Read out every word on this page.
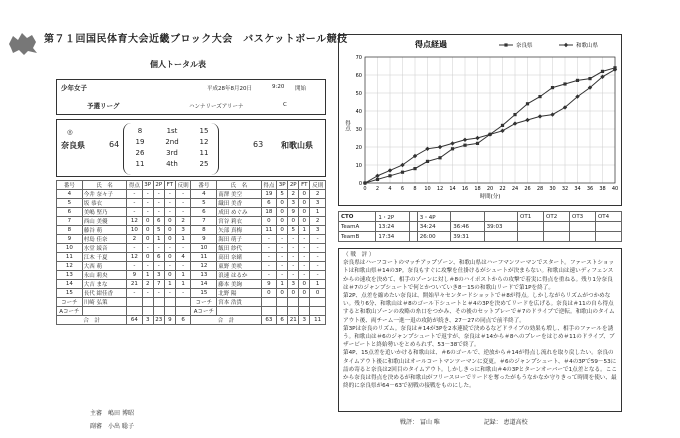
第７１回国民体育大会近畿ブロック大会　バスケットボール競技
個人トータル表
少年女子	平成28年8月20日	9:20 開始
予選リーグ	ハンナリーズアリーナ	C
◎
奈良県	64
8	1st	15
19	2nd	12
26	3rd	11
11	4th	25
63 和歌山県
番号	氏　名	得点	3P	2P	FT	反則	番号	氏　名	得点	3P	2P	FT	反則
4	今井 奈々子	-	-	-	-	-	4	南澤 美空	19	5	2	0	2
5	坂 恭衣	-	-	-	-	-	5	織田 美香	6	0	3	0	3
6	美嶋 堅乃	-	-	-	-	-	6	成田 めぐみ	18	0	9	0	1
7	西山 美優	12	0	6	0	2	7	宮谷 莉衣	0	0	0	0	2
8	藤谷 萌	10	0	5	0	3	8	矢部 真梅	11	0	5	1	3
9	村島 佳奈	2	0	1	0	1	9	海田 萌子	-	-	-	-	-
10	水堂 綾音	-	-	-	-	-	10	飯田 紗代	-	-	-	-	-
11	江木 千夏	12	0	6	0	4	11	高田 奈緒	-	-	-	-	-
12	大西 萌	-	-	-	-	-	12	東野 美咲	-	-	-	-	-
13	永山 莉央	9	1	3	0	1	13	浪速 はるか	-	-	-	-	-
14	大吉 まな	21	2	7	1	1	14	藤本 美絢	9	1	3	0	1
15	長代 紺佳香	-	-	-	-	-	15	北野 陽	0	0	0	0	0
コーチ	川崎 弘策						コーチ	宮本 浩貴					
Aコーチ							Aコーチ						
合　計		64	3	23	9	6	合　計		63	6	21	3	11
主審　 嶋田 博昭
副審　 小出 聡子
得点経過
0
10
20
30
40
50
60
70
0 2 4 6 8 10 12 14 16 18 20 22 24 26 28 30 32 34 36 38 40
時間(分)
得点
奈良県	和歌山県
CTO	1・2P		3・4P			OT1	OT2	OT3	OT4
TeamA	13:24		34:24	36:46	39:03				
TeamB	17:34		26:00	39:31					
（ 戦　評 ）

奈良県はハーフコートのマッチアップゾーン、和歌山県はハーフマンツーマンでスタート。ファーストショットは和歌山県＃14の3P。奈良もすぐに攻撃を仕掛けるがシュートが決まらない。和歌山は速いディフェンスからの速攻を決めて、相手のゾーンに対し＃8のハイポストからの攻撃で着実に得点を重ねる。残り1分奈良は＃7のジャンプシュートで何とかついていき8－15の和歌山リードで第1Pを終了。

第2P、点差を縮めたい奈良は、開始早々センタードショットで＃8が得点。しかしながらリズムがつかめない。残り6分、和歌山は＃8のゴール下シュートと＃4の3Pを決めてリードを広げる。奈良は＃11の自ら得点すると和歌山ゾーンの攻略の糸口をつかみ、その後のセットプレーで＃7のドライブで逆転。和歌山のタイムアウト後、両チーム一進一退の攻防が続き、27－27の同点で前半終了。

第3Pは奈良のリズム。奈良は＃14が3Pを2本連続で決めるなどドライブの効果も増し、相手のファールを誘う。和歌山は＃6のジャンプシュートで返すが、奈良は＃14から＃8へのプレーをはじめ＃11のドライブ、ブザービートと終始勢いをとめられず、53－38で終了。

第4P、15点差を追いかける和歌山は、＃6のゴールで、逆放から＃14が得点し流れを取り戻したい。奈良のタイムアウト後に和歌山はオールコートマンツーマンに変更。＃6のジャンプシュート、＃4の3Pで59－53に詰め寄ると奈良は2回目のタイムアウト。しかしきっに和歌山＃4の3Pとターンオーバーで1点差となる。ここから奈良は得点を決めるが和歌山がフリースローでリードを奪ったがもうなかなか守りきって時間を使い、最終的に奈良県が64－63で初戦の接戦をものにした。

戦評： 冨山 唯	記録： 恵道高校
